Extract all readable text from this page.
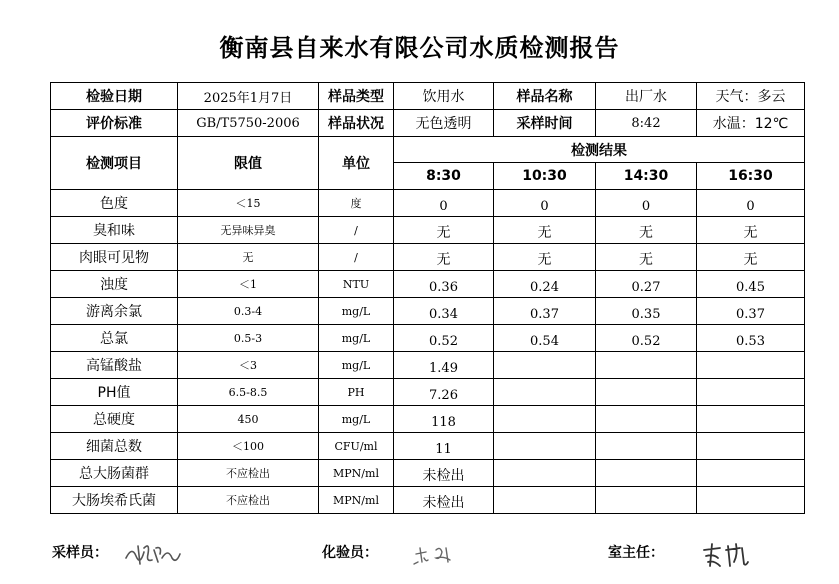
衡南县自来水有限公司水质检测报告
检验日期	2025年1月7日	样品类型	饮用水	样品名称	出厂水	天气：多云
评价标准	GB/T5750-2006	样品状况	无色透明	采样时间	8:42	水温：12℃
检测项目	限值	单位	检测结果			
			8:30	10:30	14:30	16:30
色度	＜15	度	0	0	0	0
臭和味	无异味异臭	/	无	无	无	无
肉眼可见物	无	/	无	无	无	无
浊度	＜1	NTU	0.36	0.24	0.27	0.45
游离余氯	0.3-4	mg/L	0.34	0.37	0.35	0.37
总氯	0.5-3	mg/L	0.52	0.54	0.52	0.53
高锰酸盐	＜3	mg/L	1.49			
PH值	6.5-8.5	PH	7.26			
总硬度	450	mg/L	118			
细菌总数	＜100	CFU/ml	11			
总大肠菌群	不应检出	MPN/ml	未检出			
大肠埃希氏菌	不应检出	MPN/ml	未检出			
采样员：	化验员：	室主任：
